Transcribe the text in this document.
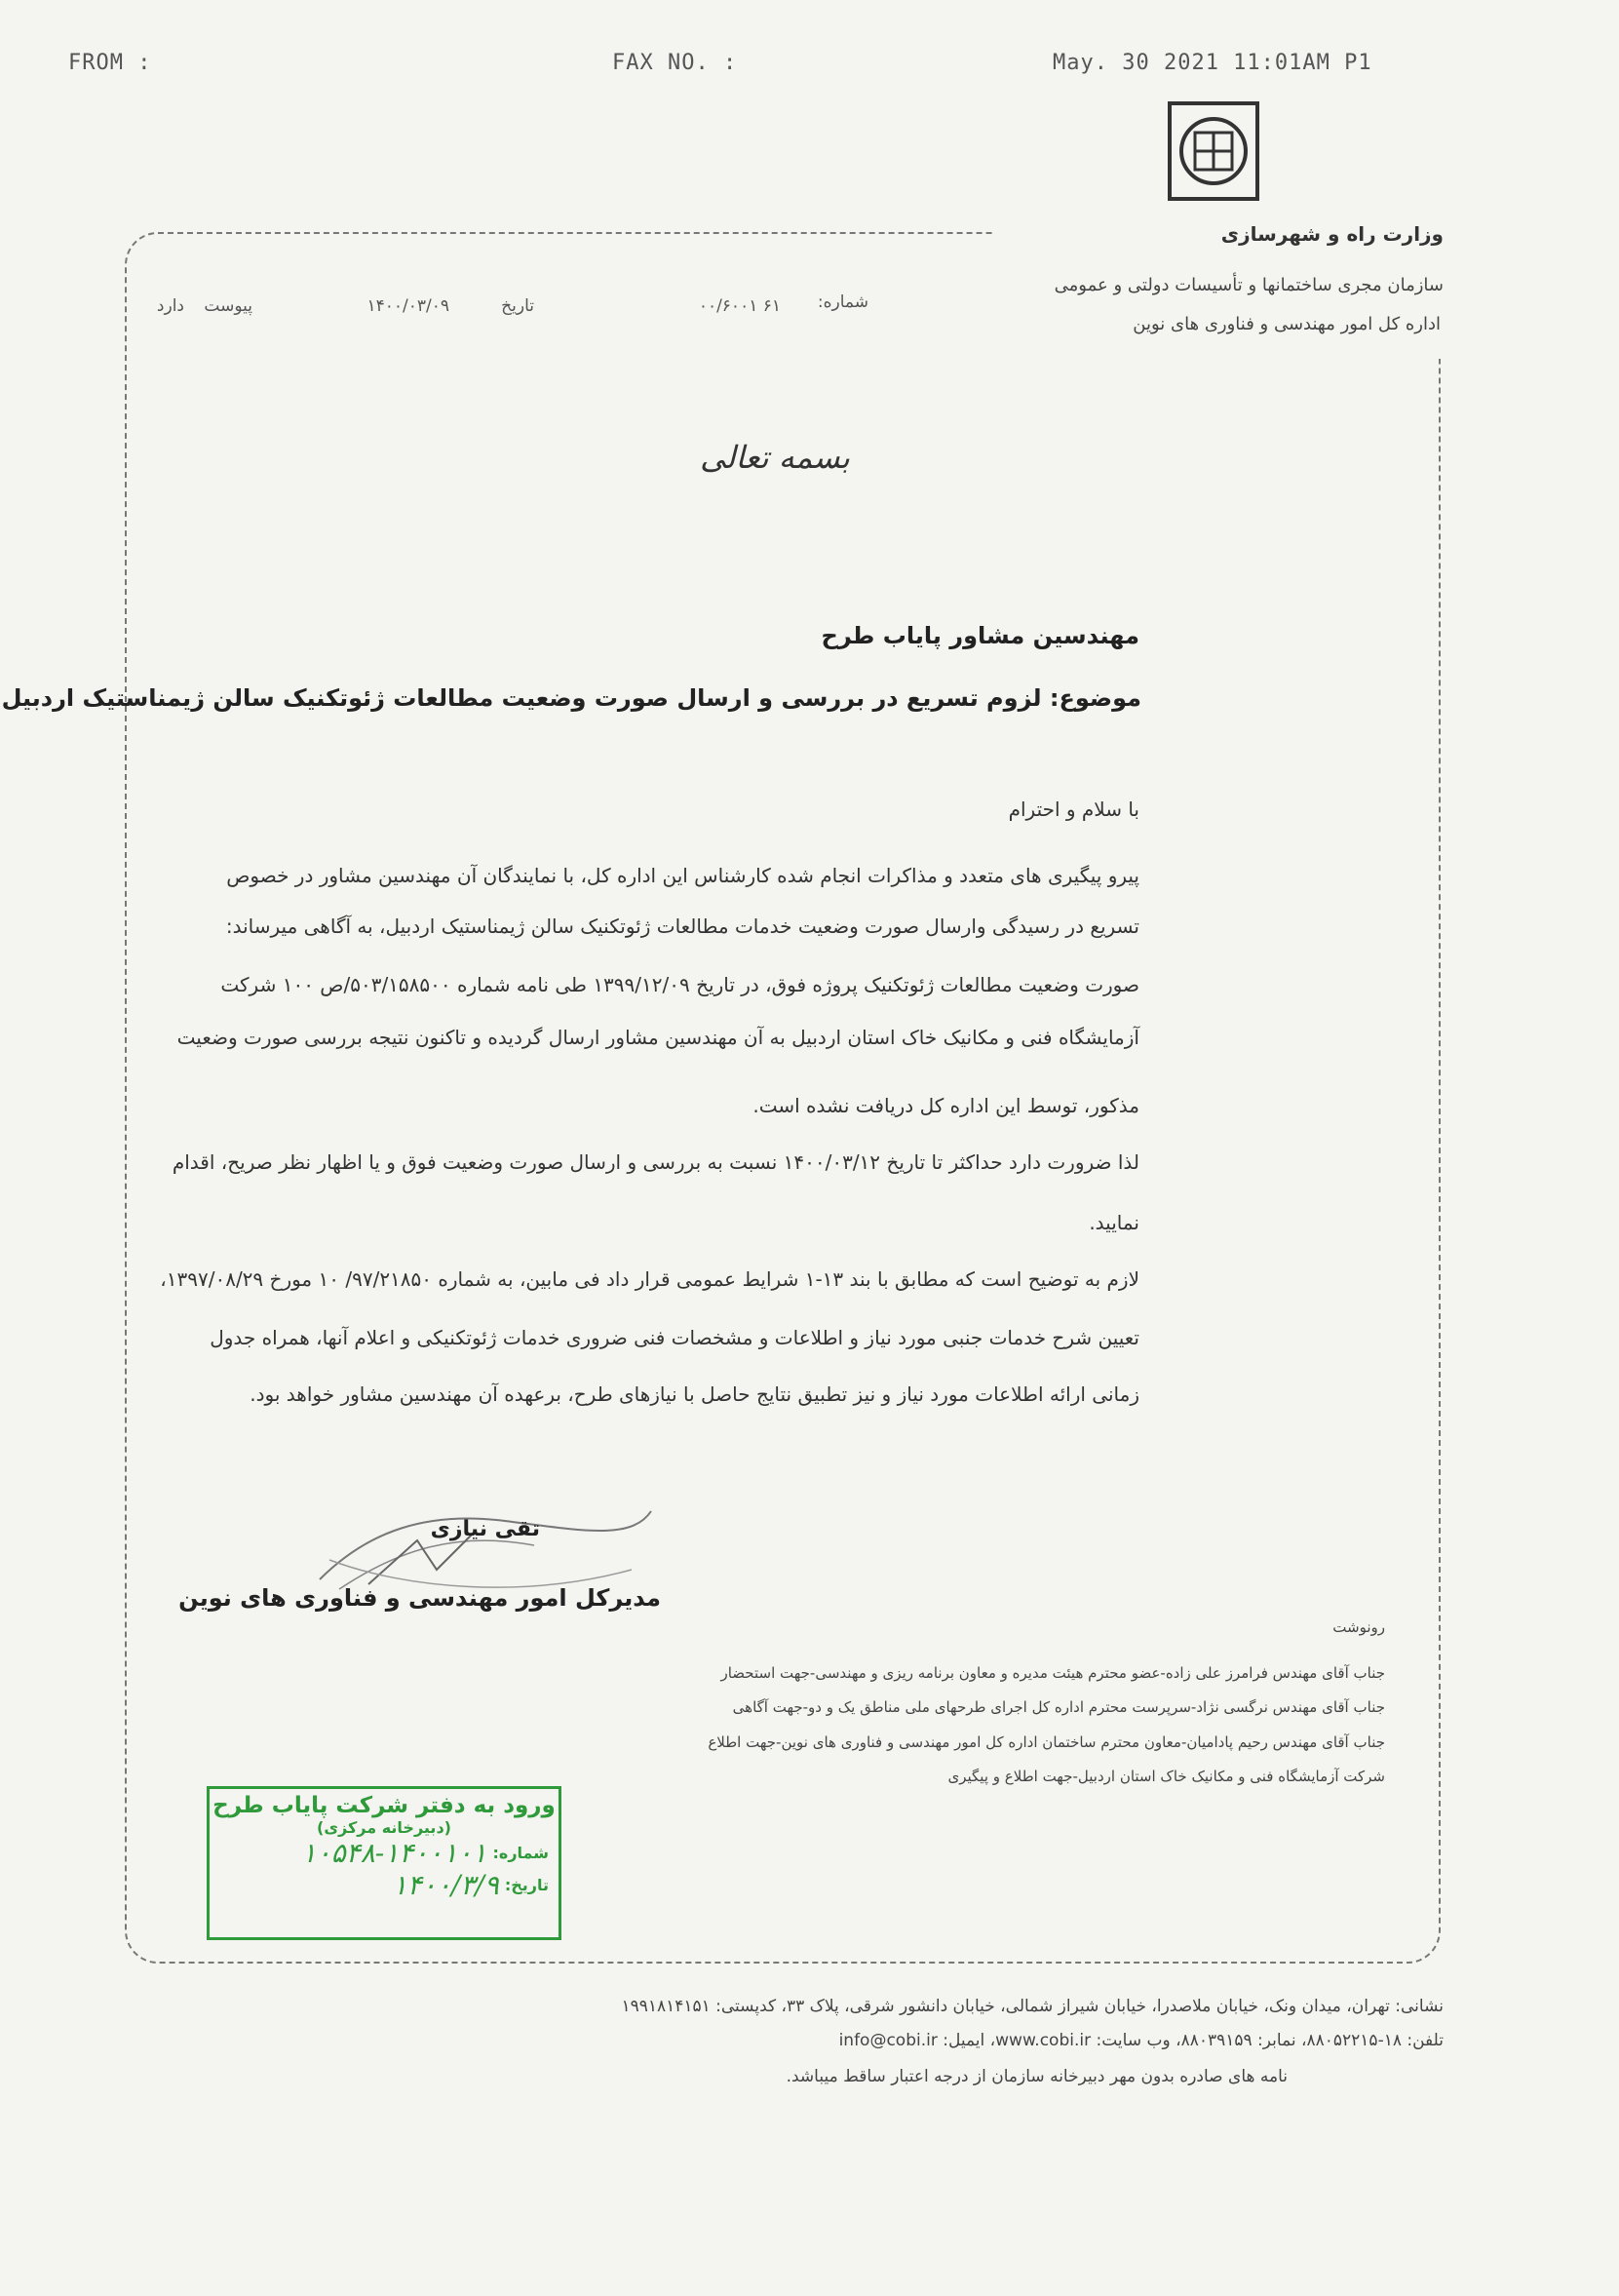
FROM :	FAX NO. :	May. 30 2021 11:01AM P1
وزارت راه و شهرسازی
سازمان مجری ساختمانها و تأسیسات دولتی و عمومی
اداره کل امور مهندسی و فناوری های نوین
شماره:
۶۱ ۰۰/۶۰۰۱
تاریخ
۱۴۰۰/۰۳/۰۹
پیوست
دارد
بسمه تعالی
مهندسین مشاور پایاب طرح
موضوع: لزوم تسریع در بررسی و ارسال صورت وضعیت مطالعات ژئوتکنیک سالن ژیمناستیک اردبیل
با سلام و احترام
پیرو پیگیری های متعدد و مذاکرات انجام شده کارشناس این اداره کل، با نمایندگان آن مهندسین مشاور در خصوص
تسریع در رسیدگی وارسال صورت وضعیت خدمات مطالعات ژئوتکنیک سالن ژیمناستیک اردبیل، به آگاهی میرساند:
صورت وضعیت مطالعات ژئوتکنیک پروژه فوق، در تاریخ ۱۳۹۹/۱۲/۰۹ طی نامه شماره ۵۰۳/۱۵۸۵۰۰/ص ۱۰۰ شرکت
آزمایشگاه فنی و مکانیک خاک استان اردبیل به آن مهندسین مشاور ارسال گردیده و تاکنون نتیجه بررسی صورت وضعیت
مذکور، توسط این اداره کل دریافت نشده است.
لذا ضرورت دارد حداکثر تا تاریخ ۱۴۰۰/۰۳/۱۲ نسبت به بررسی و ارسال صورت وضعیت فوق و یا اظهار نظر صریح، اقدام
نمایید.
لازم به توضیح است که مطابق با بند ۱۳-۱ شرایط عمومی قرار داد فی مابین، به شماره ۹۷/۲۱۸۵۰/ ۱۰ مورخ ۱۳۹۷/۰۸/۲۹،
تعیین شرح خدمات جنبی مورد نیاز و اطلاعات و مشخصات فنی ضروری خدمات ژئوتکنیکی و اعلام آنها، همراه جدول
زمانی ارائه اطلاعات مورد نیاز و نیز تطبیق نتایج حاصل با نیازهای طرح، برعهده آن مهندسین مشاور خواهد بود.
تقی نیازی
مدیرکل امور مهندسی و فناوری های نوین
رونوشت
جناب آقای مهندس فرامرز علی زاده-عضو محترم هیئت مدیره و معاون برنامه ریزی و مهندسی-جهت استحضار
جناب آقای مهندس نرگسی نژاد-سرپرست محترم اداره کل اجرای طرحهای ملی مناطق یک و دو-جهت آگاهی
جناب آقای مهندس رحیم پادامیان-معاون محترم ساختمان اداره کل امور مهندسی و فناوری های نوین-جهت اطلاع
شرکت آزمایشگاه فنی و مکانیک خاک استان اردبیل-جهت اطلاع و پیگیری
ورود به دفتر شرکت پایاب طرح
(دبیرخانه مرکزی)
شماره:
۱۰۵۴۸-۱۴۰۰۱۰۱
تاریخ:
۱۴۰۰/۳/۹
نشانی: تهران، میدان ونک، خیابان ملاصدرا، خیابان شیراز شمالی، خیابان دانشور شرقی، پلاک ۳۳، کدپستی: ۱۹۹۱۸۱۴۱۵۱
تلفن: ۱۸-۸۸۰۵۲۲۱۵، نمابر: ۸۸۰۳۹۱۵۹، وب سایت: www.cobi.ir، ایمیل: info@cobi.ir
نامه های صادره بدون مهر دبیرخانه سازمان از درجه اعتبار ساقط میباشد.
